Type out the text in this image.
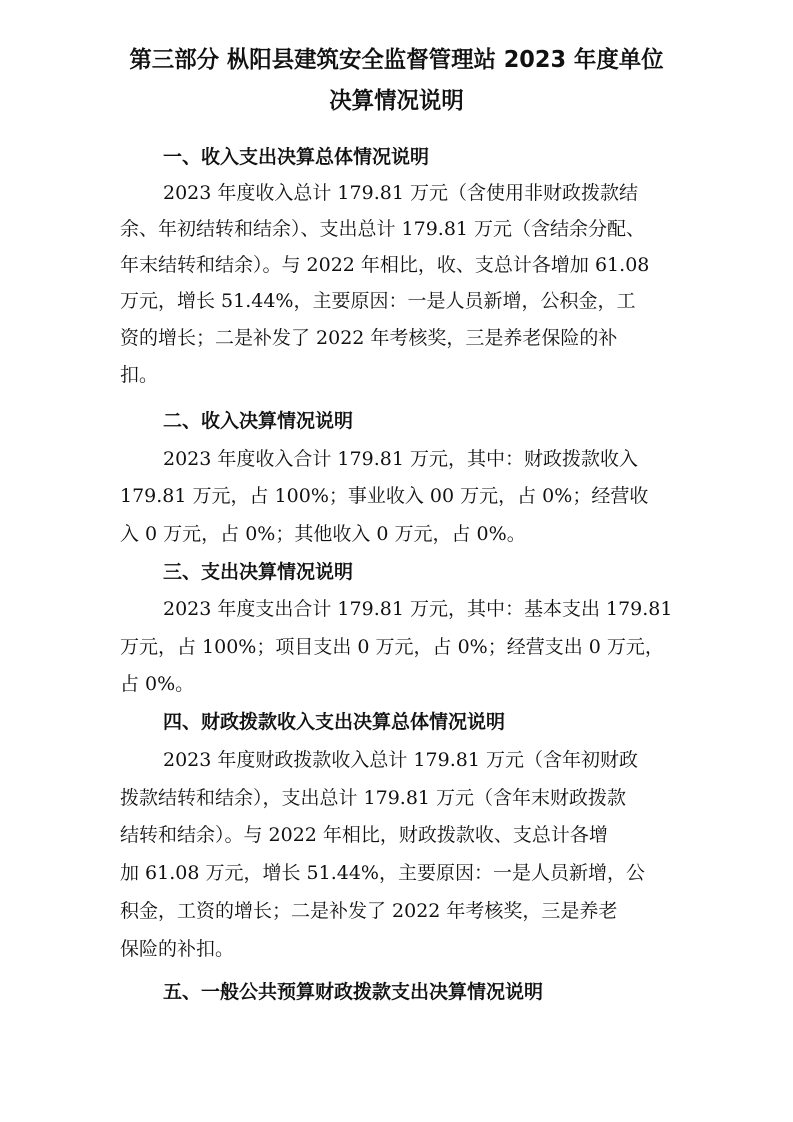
第三部分 枞阳县建筑安全监督管理站 2023 年度单位
决算情况说明
一、收入支出决算总体情况说明
2023 年度收入总计 179.81 万元（含使用非财政拨款结
余、年初结转和结余）、支出总计 179.81 万元（含结余分配、
年末结转和结余）。与 2022 年相比，收、支总计各增加 61.08
万元，增长 51.44%，主要原因：一是人员新增，公积金，工
资的增长；二是补发了 2022 年考核奖，三是养老保险的补
扣。
二、收入决算情况说明
2023 年度收入合计 179.81 万元，其中：财政拨款收入
179.81 万元，占 100%；事业收入 00 万元，占 0%；经营收
入 0 万元，占 0%；其他收入 0 万元，占 0%。
三、支出决算情况说明
2023 年度支出合计 179.81 万元，其中：基本支出 179.81
万元，占 100%；项目支出 0 万元，占 0%；经营支出 0 万元，
占 0%。
四、财政拨款收入支出决算总体情况说明
2023 年度财政拨款收入总计 179.81 万元（含年初财政
拨款结转和结余），支出总计 179.81 万元（含年末财政拨款
结转和结余）。与 2022 年相比，财政拨款收、支总计各增
加 61.08 万元，增长 51.44%，主要原因：一是人员新增，公
积金，工资的增长；二是补发了 2022 年考核奖，三是养老
保险的补扣。
五、一般公共预算财政拨款支出决算情况说明
